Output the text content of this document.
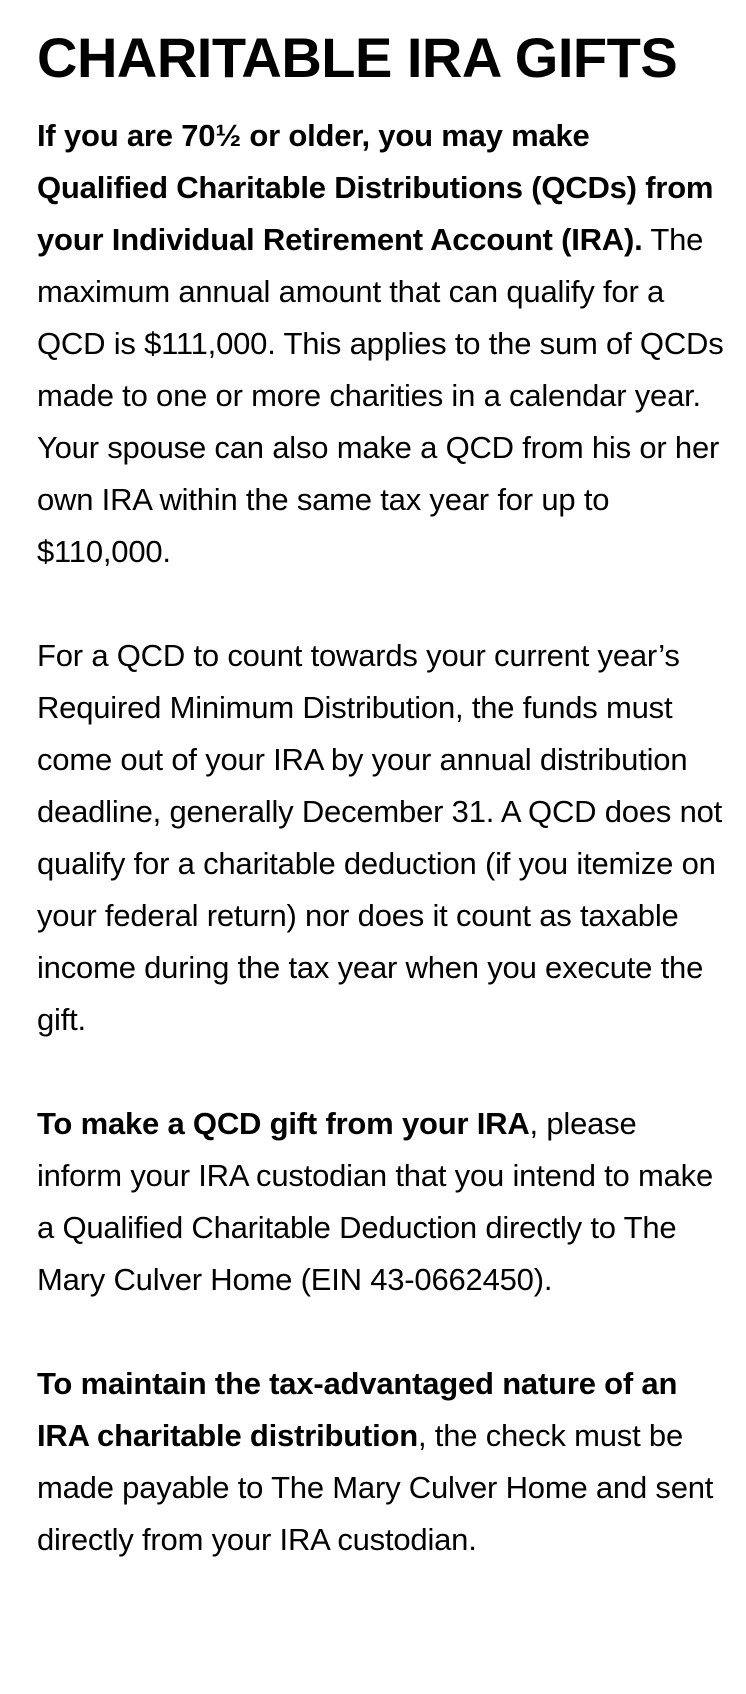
CHARITABLE IRA GIFTS

If you are 70½ or older, you may make Qualified Charitable Distributions (QCDs) from your Individual Retirement Account (IRA). The maximum annual amount that can qualify for a QCD is $111,000. This applies to the sum of QCDs made to one or more charities in a calendar year. Your spouse can also make a QCD from his or her own IRA within the same tax year for up to $110,000.

For a QCD to count towards your current year’s Required Minimum Distribution, the funds must come out of your IRA by your annual distribution deadline, generally December 31. A QCD does not qualify for a charitable deduction (if you itemize on your federal return) nor does it count as taxable income during the tax year when you execute the gift.

To make a QCD gift from your IRA, please inform your IRA custodian that you intend to make a Qualified Charitable Deduction directly to The Mary Culver Home (EIN 43-0662450).

To maintain the tax-advantaged nature of an IRA charitable distribution, the check must be made payable to The Mary Culver Home and sent directly from your IRA custodian.
